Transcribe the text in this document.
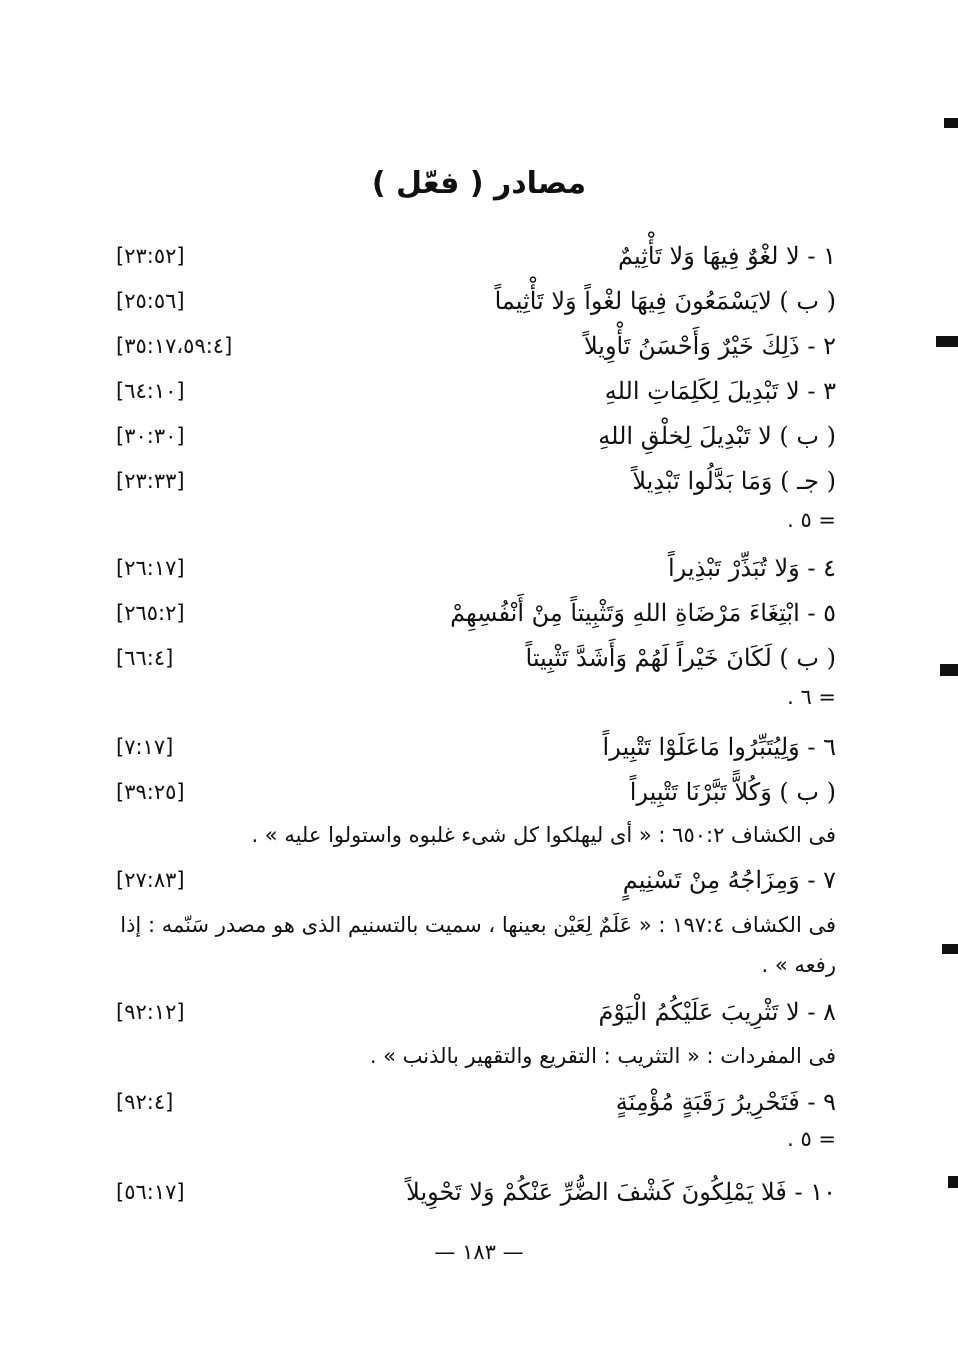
مصادر ( فعّل )
١ - لا لغْوٌ فِيهَا وَلا تَأْثِيمٌ
[٢٣:٥٢]
( ب ) لايَسْمَعُونَ فِيهَا لغْواً وَلا تَأْثِيماً
[٢٥:٥٦]
٢ - ذَلِكَ خَيْرٌ وَأَحْسَنُ تَأْوِيلاً
[٣٥:١٧،٥٩:٤]
٣ - لا تَبْدِيلَ لِكَلِمَاتِ اللهِ
[٦٤:١٠]
( ب ) لا تَبْدِيلَ لِخلْقِ اللهِ
[٣٠:٣٠]
( جـ ) وَمَا بَدَّلُوا تَبْدِيلاً
[٢٣:٣٣]
= ٥ .
٤ - وَلا تُبَذِّرْ تَبْذِيراً
[٢٦:١٧]
٥ - ابْتِغَاءَ مَرْضَاةِ اللهِ وَتَثْبِيتاً مِنْ أَنْفُسِهِمْ
[٢٦٥:٢]
( ب ) لَكَانَ خَيْراً لَهُمْ وَأَشَدَّ تَثْبِيتاً
[٦٦:٤]
= ٦ .
٦ - وَلِيُتَبِّرُوا مَاعَلَوْا تَتْبِيراً
[٧:١٧]
( ب ) وَكُلاًّ تَبَّرْنَا تَتْبِيراً
[٣٩:٢٥]
فى الكشاف ٦٥٠:٢ : « أى ليهلكوا كل شىء غلبوه واستولوا عليه » .
٧ - وَمِزَاجُهُ مِنْ تَسْنِيمٍ
[٢٧:٨٣]
فى الكشاف ١٩٧:٤ : « عَلَمٌ لِعَيْن بعينها ، سميت بالتسنيم الذى هو مصدر سَنّمه : إذا رفعه » .
٨ - لا تَثْرِيبَ عَلَيْكُمُ الْيَوْمَ
[٩٢:١٢]
فى المفردات : « التثريب : التقريع والتقهير بالذنب » .
٩ - فَتَحْرِيرُ رَقَبَةٍ مُؤْمِنَةٍ
[٩٢:٤]
= ٥ .
١٠ - فَلا يَمْلِكُونَ كَشْفَ الضُّرِّ عَنْكُمْ وَلا تَحْوِيلاً
[٥٦:١٧]
— ١٨٣ —
